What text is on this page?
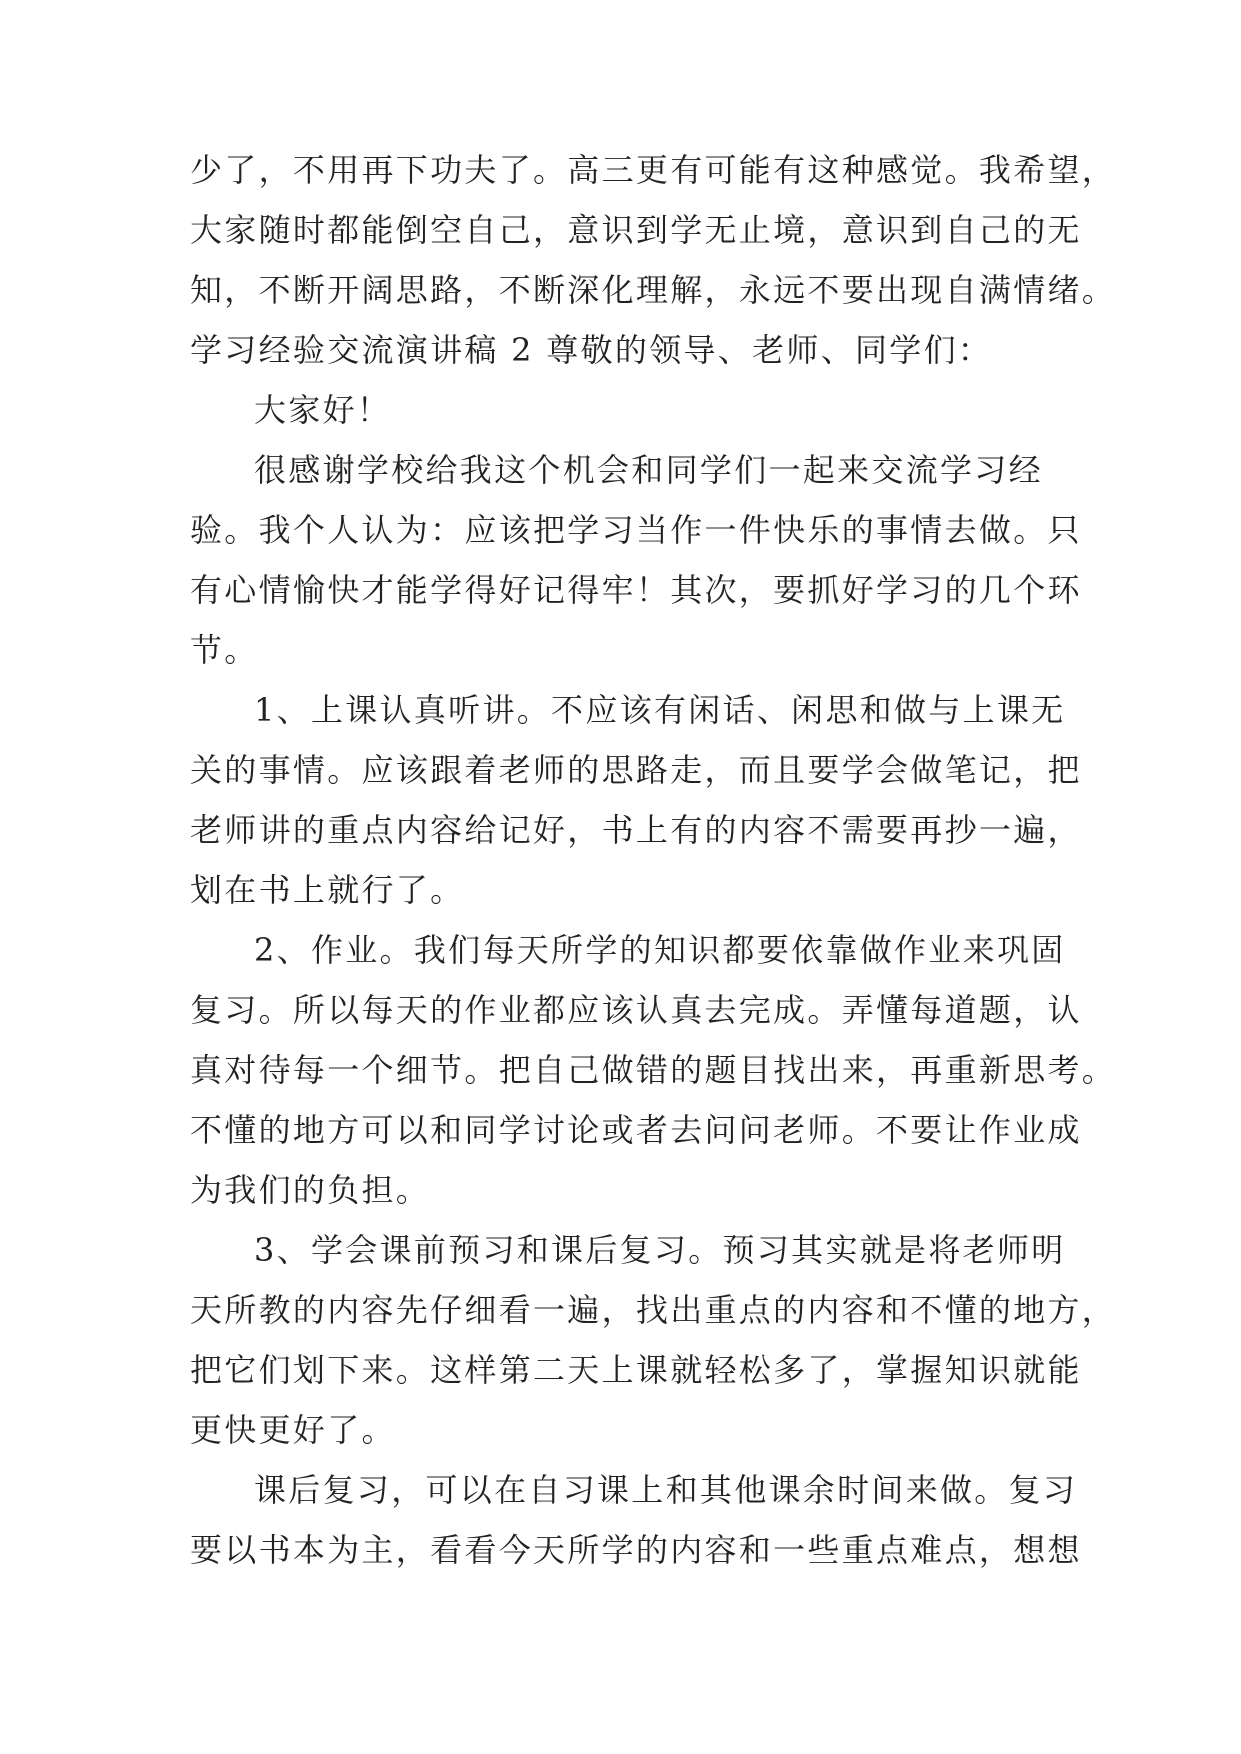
少了，不用再下功夫了。高三更有可能有这种感觉。我希望，
大家随时都能倒空自己，意识到学无止境，意识到自己的无
知，不断开阔思路，不断深化理解，永远不要出现自满情绪。
学习经验交流演讲稿 2 尊敬的领导、老师、同学们：
大家好！
很感谢学校给我这个机会和同学们一起来交流学习经
验。我个人认为：应该把学习当作一件快乐的事情去做。只
有心情愉快才能学得好记得牢！其次，要抓好学习的几个环
节。
1、上课认真听讲。不应该有闲话、闲思和做与上课无
关的事情。应该跟着老师的思路走，而且要学会做笔记，把
老师讲的重点内容给记好，书上有的内容不需要再抄一遍，
划在书上就行了。
2、作业。我们每天所学的知识都要依靠做作业来巩固
复习。所以每天的作业都应该认真去完成。弄懂每道题，认
真对待每一个细节。把自己做错的题目找出来，再重新思考。
不懂的地方可以和同学讨论或者去问问老师。不要让作业成
为我们的负担。
3、学会课前预习和课后复习。预习其实就是将老师明
天所教的内容先仔细看一遍，找出重点的内容和不懂的地方，
把它们划下来。这样第二天上课就轻松多了，掌握知识就能
更快更好了。
课后复习，可以在自习课上和其他课余时间来做。复习
要以书本为主，看看今天所学的内容和一些重点难点，想想
